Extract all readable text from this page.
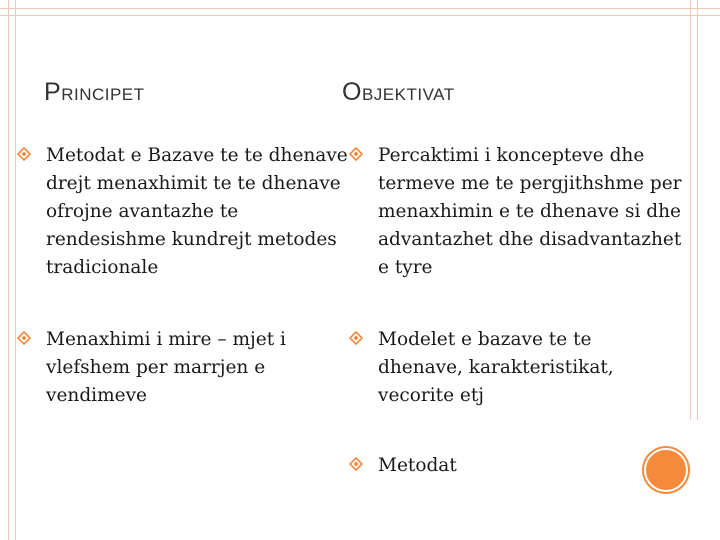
PRINCIPET	OBJEKTIVAT
Metodat e Bazave te te dhenave drejt menaxhimit te te dhenave ofrojne avantazhe te rendesishme kundrejt metodes tradicionale
Menaxhimi i mire – mjet i vlefshem per marrjen e vendimeve
Percaktimi i koncepteve dhe termeve me te pergjithshme per menaxhimin e te dhenave si dhe advantazhet dhe disadvantazhet e tyre
Modelet e bazave te te dhenave, karakteristikat, vecorite etj
Metodat
